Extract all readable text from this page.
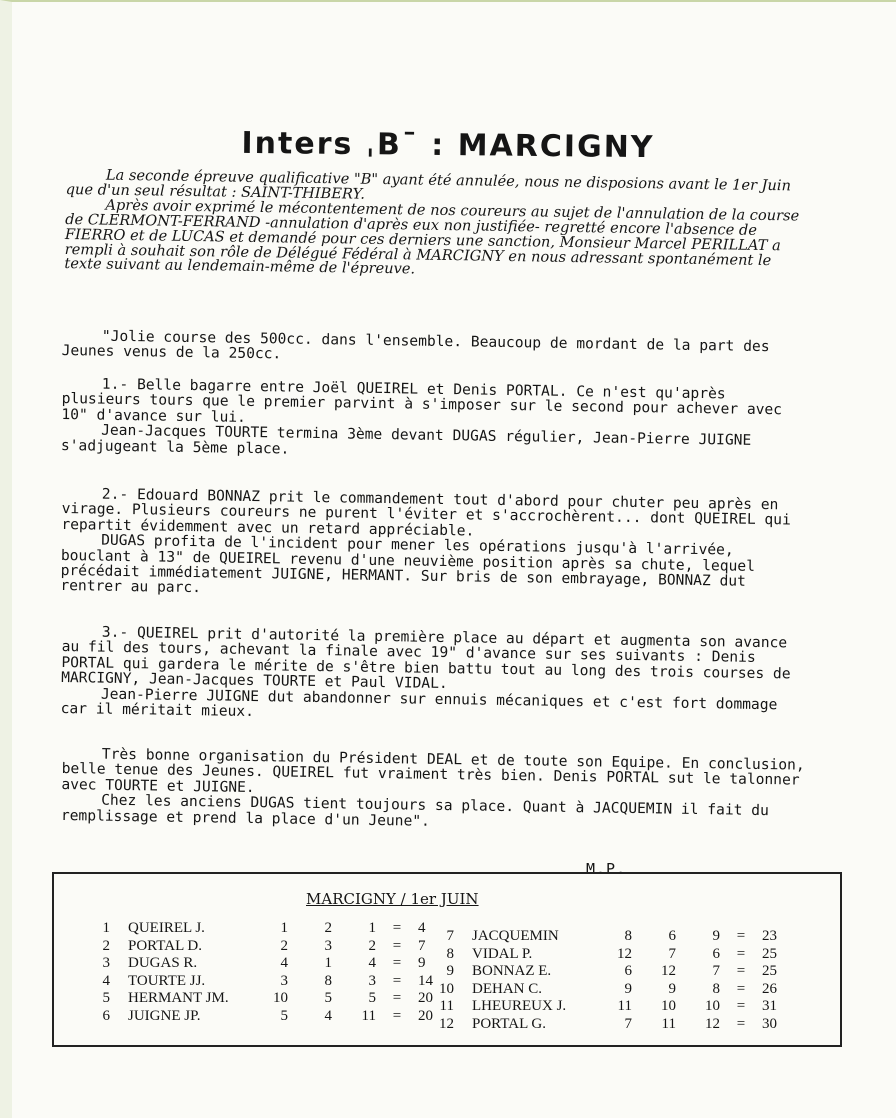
Inters ˌBˉ : MARCIGNY

La seconde épreuve qualificative "B" ayant été annulée, nous ne disposions avant le 1er Juin que d'un seul résultat : SAINT-THIBERY.

Après avoir exprimé le mécontentement de nos coureurs au sujet de l'annulation de la course de CLERMONT-FERRAND -annulation d'après eux non justifiée- regretté encore l'absence de FIERRO et de LUCAS et demandé pour ces derniers une sanction, Monsieur Marcel PERILLAT a rempli à souhait son rôle de Délégué Fédéral à MARCIGNY en nous adressant spontanément le texte suivant au lendemain-même de l'épreuve.

"Jolie course des 500cc. dans l'ensemble. Beaucoup de mordant de la part des Jeunes venus de la 250cc.

1.- Belle bagarre entre Joël QUEIREL et Denis PORTAL. Ce n'est qu'après plusieurs tours que le premier parvint à s'imposer sur le second pour achever avec 10" d'avance sur lui.

Jean-Jacques TOURTE termina 3ème devant DUGAS régulier, Jean-Pierre JUIGNE s'adjugeant la 5ème place.

2.- Edouard BONNAZ prit le commandement tout d'abord pour chuter peu après en virage. Plusieurs coureurs ne purent l'éviter et s'accrochèrent... dont QUEIREL qui repartit évidemment avec un retard appréciable.

DUGAS profita de l'incident pour mener les opérations jusqu'à l'arrivée, bouclant à 13" de QUEIREL revenu d'une neuvième position après sa chute, lequel précédait immédiatement JUIGNE, HERMANT. Sur bris de son embrayage, BONNAZ dut rentrer au parc.

3.- QUEIREL prit d'autorité la première place au départ et augmenta son avance au fil des tours, achevant la finale avec 19" d'avance sur ses suivants : Denis PORTAL qui gardera le mérite de s'être bien battu tout au long des trois courses de MARCIGNY, Jean-Jacques TOURTE et Paul VIDAL.

Jean-Pierre JUIGNE dut abandonner sur ennuis mécaniques et c'est fort dommage car il méritait mieux.

Très bonne organisation du Président DEAL et de toute son Equipe. En conclusion, belle tenue des Jeunes. QUEIREL fut vraiment très bien. Denis PORTAL sut le talonner avec TOURTE et JUIGNE.

Chez les anciens DUGAS tient toujours sa place. Quant à JACQUEMIN il fait du remplissage et prend la place d'un Jeune".

M.P.
MARCIGNY / 1er JUIN
1	QUEIREL J.	1	2	1	=	4
2	PORTAL D.	2	3	2	=	7
3	DUGAS R.	4	1	4	=	9
4	TOURTE JJ.	3	8	3	=	14
5	HERMANT JM.	10	5	5	=	20
6	JUIGNE JP.	5	4	11	=	20
7	JACQUEMIN	8	6	9	=	23
8	VIDAL P.	12	7	6	=	25
9	BONNAZ E.	6	12	7	=	25
10	DEHAN C.	9	9	8	=	26
11	LHEUREUX J.	11	10	10	=	31
12	PORTAL G.	7	11	12	=	30
